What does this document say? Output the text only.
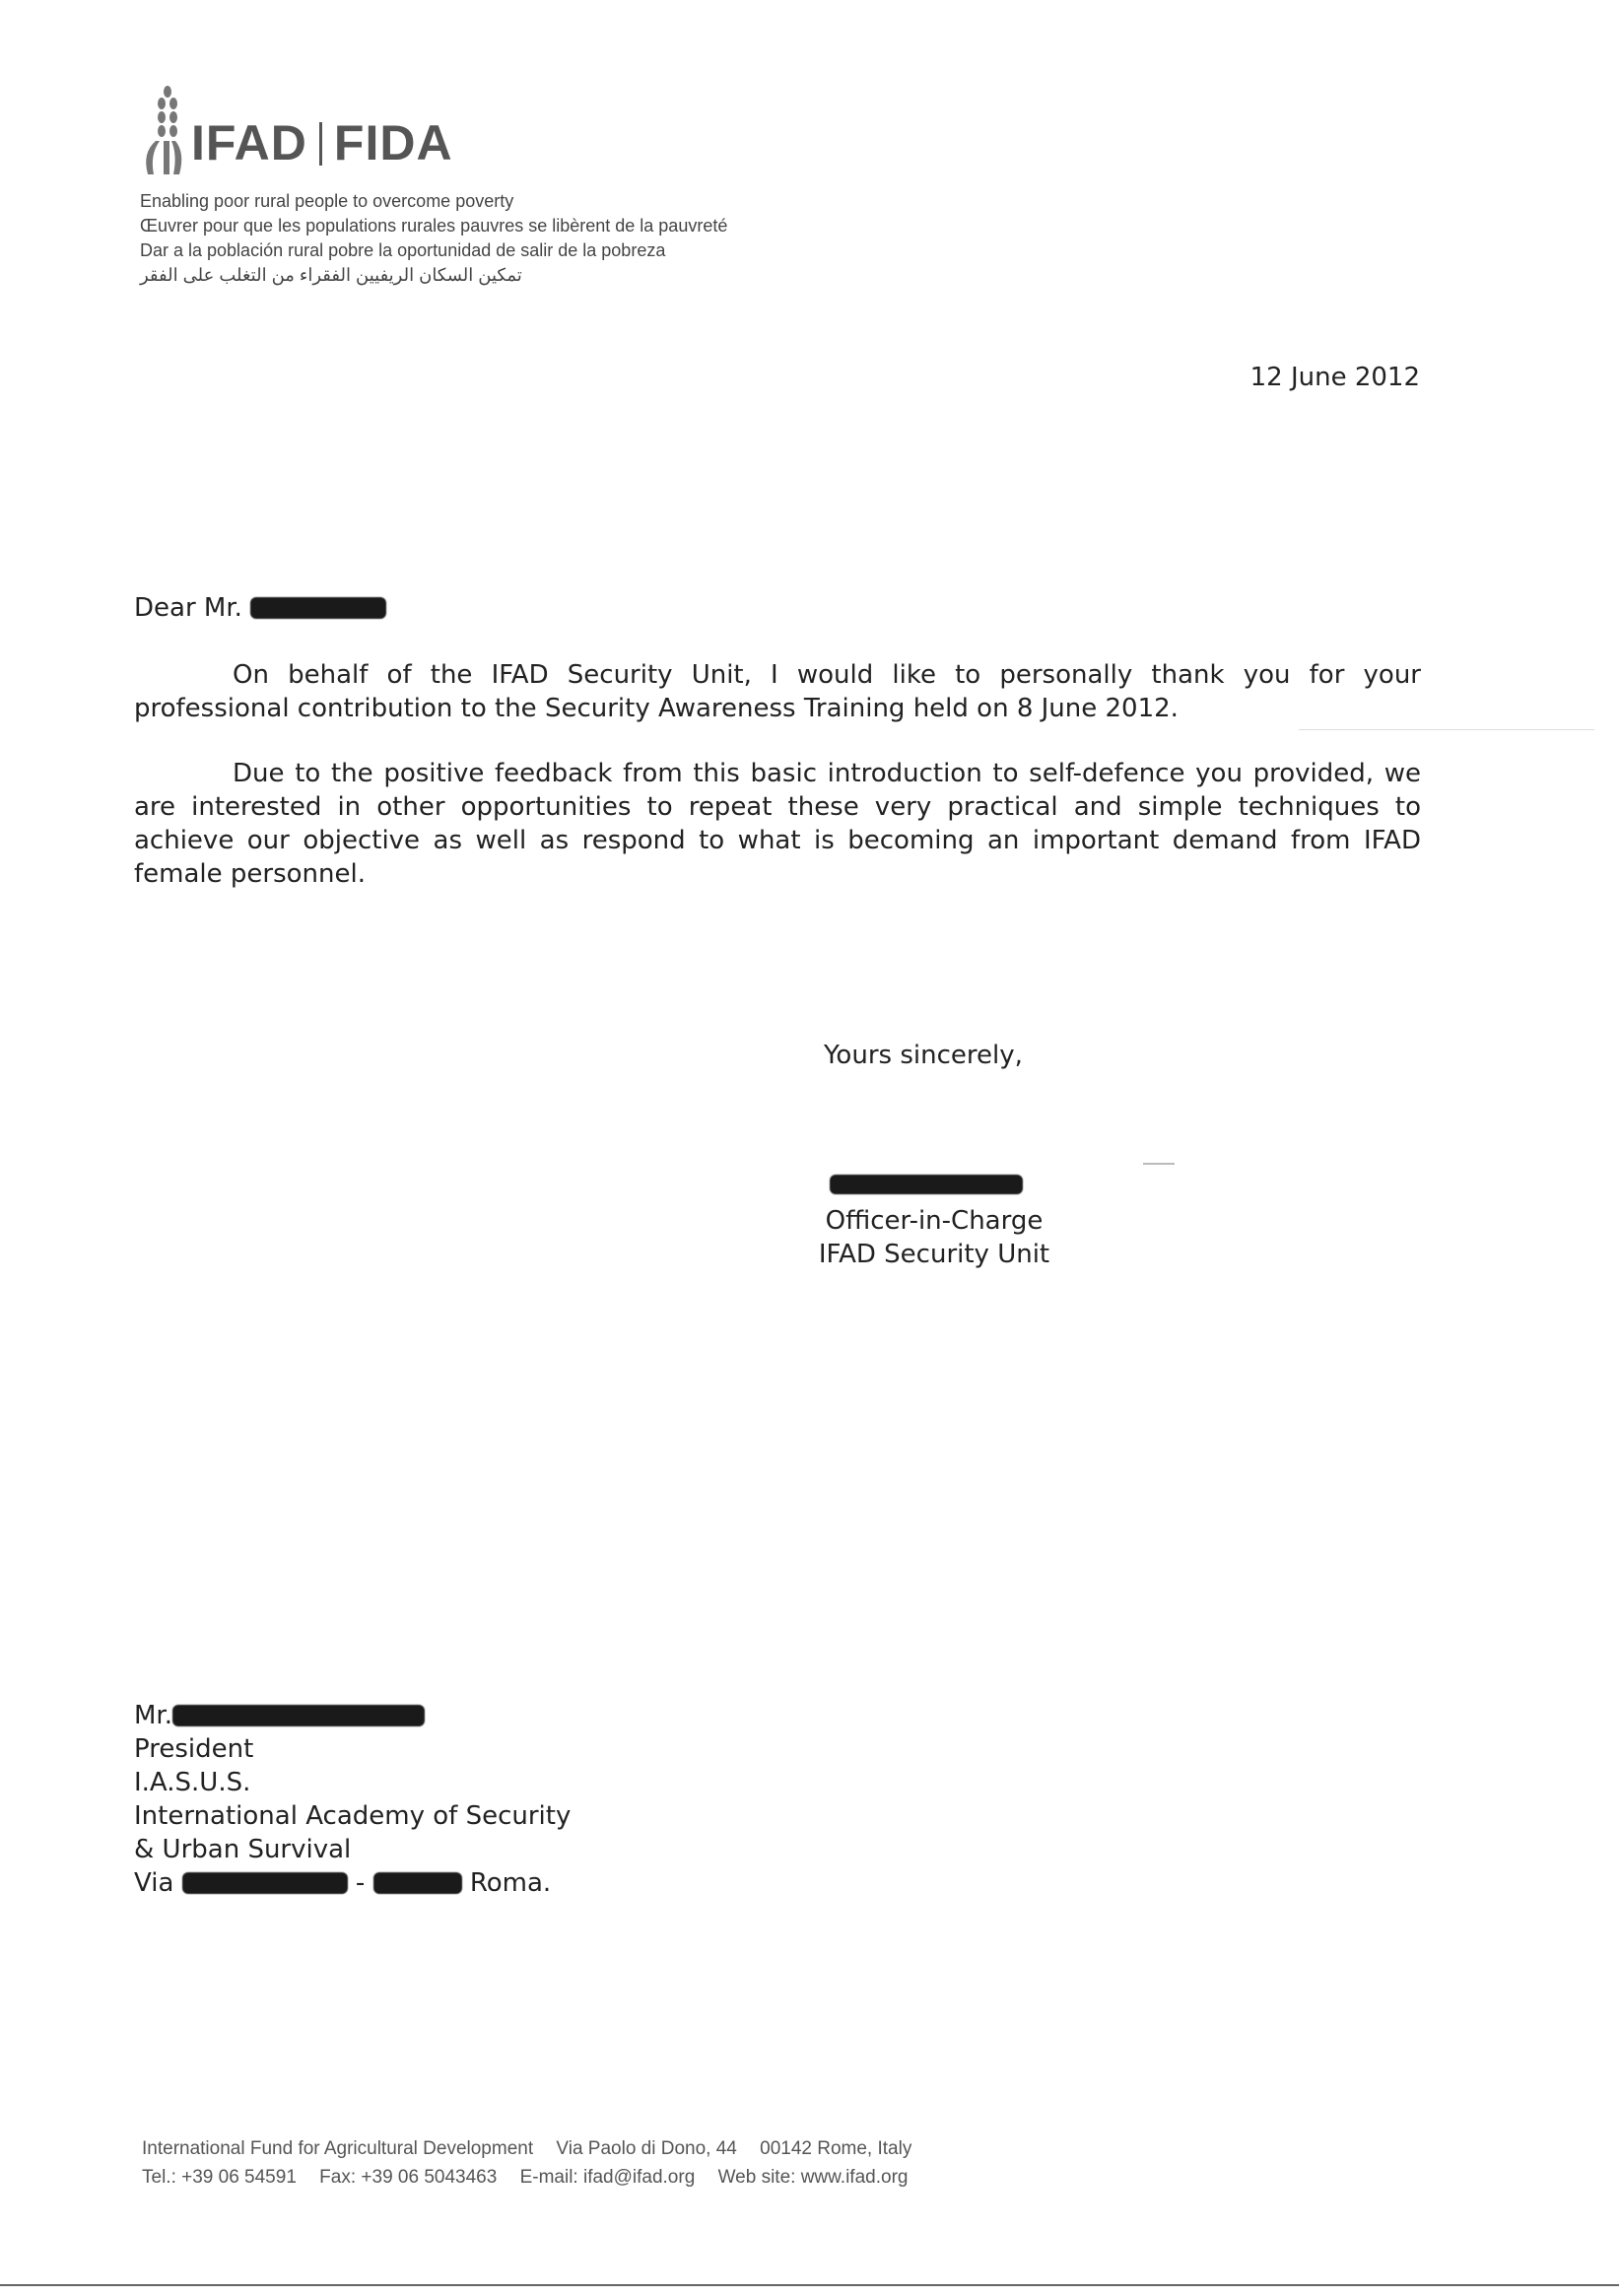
IFAD FIDA
Enabling poor rural people to overcome poverty
Œuvrer pour que les populations rurales pauvres se libèrent de la pauvreté
Dar a la población rural pobre la oportunidad de salir de la pobreza
تمكين السكان الريفيين الفقراء من التغلب على الفقر
12 June 2012
Dear Mr.
On behalf of the IFAD Security Unit, I would like to personally thank you for your professional contribution to the Security Awareness Training held on 8 June 2012.
Due to the positive feedback from this basic introduction to self-defence you provided, we are interested in other opportunities to repeat these very practical and simple techniques to achieve our objective as well as respond to what is becoming an important demand from IFAD female personnel.
Yours sincerely,
Officer-in-Charge
IFAD Security Unit
Mr.
President
I.A.S.U.S.
International Academy of Security
& Urban Survival
Via	-	Roma.
International Fund for Agricultural Development Via Paolo di Dono, 44 00142 Rome, Italy
Tel.: +39 06 54591 Fax: +39 06 5043463 E-mail: ifad@ifad.org Web site: www.ifad.org
